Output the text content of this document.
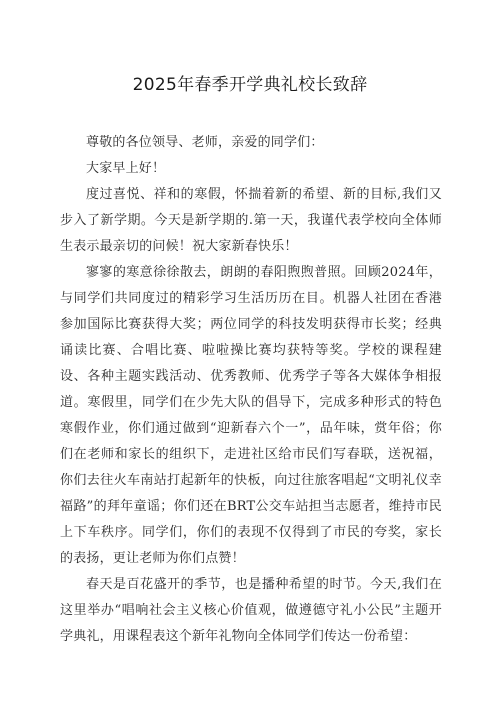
2025年春季开学典礼校长致辞

尊敬的各位领导、老师，亲爱的同学们：

大家早上好！

度过喜悦、祥和的寒假，怀揣着新的希望、新的目标,我们又步入了新学期。今天是新学期的.第一天，我谨代表学校向全体师生表示最亲切的问候！祝大家新春快乐！

寥寥的寒意徐徐散去，朗朗的春阳煦煦普照。回顾2024年，与同学们共同度过的精彩学习生活历历在目。机器人社团在香港参加国际比赛获得大奖；两位同学的科技发明获得市长奖；经典诵读比赛、合唱比赛、啦啦操比赛均获特等奖。学校的课程建设、各种主题实践活动、优秀教师、优秀学子等各大媒体争相报道。寒假里，同学们在少先大队的倡导下，完成多种形式的特色寒假作业，你们通过做到“迎新春六个一”，品年味，赏年俗；你们在老师和家长的组织下，走进社区给市民们写春联，送祝福，你们去往火车南站打起新年的快板，向过往旅客唱起“文明礼仪幸福路”的拜年童谣；你们还在BRT公交车站担当志愿者，维持市民上下车秩序。同学们，你们的表现不仅得到了市民的夸奖，家长的表扬，更让老师为你们点赞！

春天是百花盛开的季节，也是播种希望的时节。今天,我们在这里举办“唱响社会主义核心价值观，做遵德守礼小公民”主题开学典礼，用课程表这个新年礼物向全体同学们传达一份希望：
